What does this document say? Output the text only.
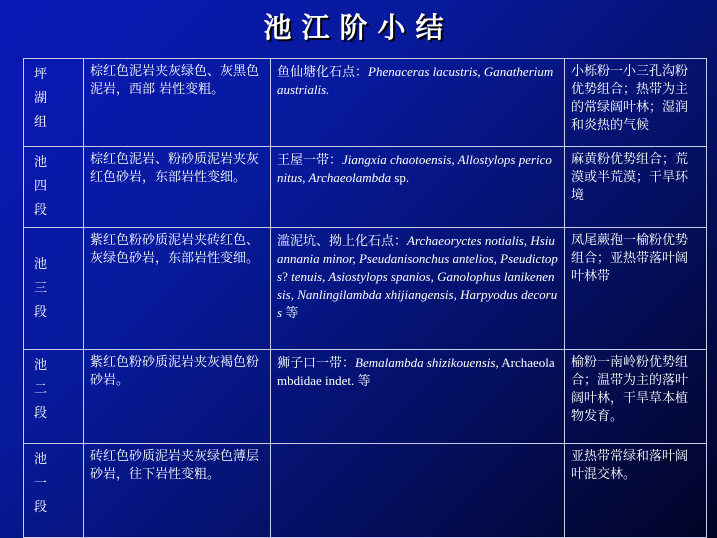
池江阶小结
坪
湖
组	棕红色泥岩夹灰绿色、灰黑色泥岩，西部 岩性变粗。	鱼仙塘化石点：Phenaceras lacustris, Ganatherium austrialis.	小栎粉一小三孔沟粉优势组合；热带为主的常绿阔叶林；湿润和炎热的气候

池
四
段	棕红色泥岩、粉砂质泥岩夹灰红色砂岩，东部岩性变细。	王屋一带：Jiangxia chaotoensis, Allostylops periconitus, Archaeolambda sp.	麻黄粉优势组合；荒漠或半荒漠；干旱环境

池
三
段	紫红色粉砂质泥岩夹砖红色、灰绿色砂岩，东部岩性变细。	滥泥坑、拗上化石点：Archaeoryctes notialis, Hsiuannania minor, Pseudanisonchus antelios, Pseudictops? tenuis, Asiostylops spanios, Ganolophus lanikenensis, Nanlingilambda xhijiangensis, Harpyodus decorus 等	凤尾蕨孢一榆粉优势组合；亚热带落叶阔叶林带

池
二
段	紫红色粉砂质泥岩夹灰褐色粉砂岩。	狮子口一带：Bemalambda shizikouensis, Archaeolambdidae indet. 等	榆粉一南岭粉优势组合；温带为主的落叶阔叶林，干旱草本植物发育。

池
一
段	砖红色砂质泥岩夹灰绿色薄层砂岩，往下岩性变粗。		亚热带常绿和落叶阔叶混交林。
